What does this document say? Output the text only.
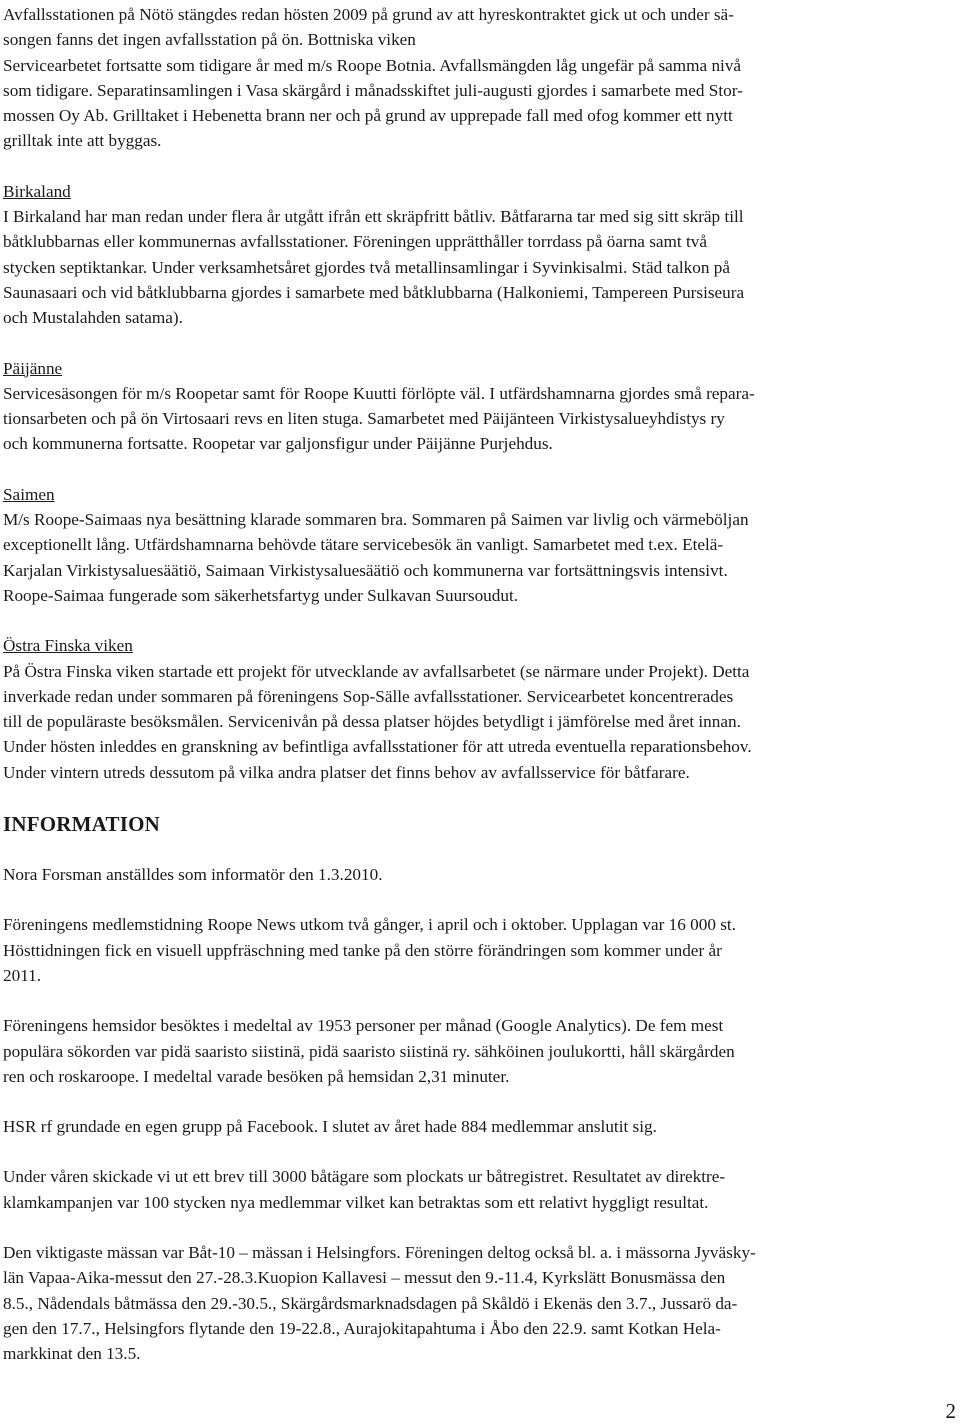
Avfallsstationen på Nötö stängdes redan hösten 2009 på grund av att hyreskontraktet gick ut och under sä-

songen fanns det ingen avfallsstation på ön. Bottniska viken

Servicearbetet fortsatte som tidigare år med m/s Roope Botnia. Avfallsmängden låg ungefär på samma nivå

som tidigare. Separatinsamlingen i Vasa skärgård i månadsskiftet juli-augusti gjordes i samarbete med Stor-

mossen Oy Ab. Grilltaket i Hebenetta brann ner och på grund av upprepade fall med ofog kommer ett nytt

grilltak inte att byggas.

Birkaland

I Birkaland har man redan under flera år utgått ifrån ett skräpfritt båtliv. Båtfararna tar med sig sitt skräp till

båtklubbarnas eller kommunernas avfallsstationer. Föreningen upprätthåller torrdass på öarna samt två

stycken septiktankar. Under verksamhetsåret gjordes två metallinsamlingar i Syvinkisalmi. Städ talkon på

Saunasaari och vid båtklubbarna gjordes i samarbete med båtklubbarna (Halkoniemi, Tampereen Pursiseura

och Mustalahden satama).

Päijänne

Servicesäsongen för m/s Roopetar samt för Roope Kuutti förlöpte väl. I utfärdshamnarna gjordes små repara-

tionsarbeten och på ön Virtosaari revs en liten stuga. Samarbetet med Päijänteen Virkistysalueyhdistys ry

och kommunerna fortsatte. Roopetar var galjonsfigur under Päijänne Purjehdus.

Saimen

M/s Roope-Saimaas nya besättning klarade sommaren bra. Sommaren på Saimen var livlig och värmeböljan

exceptionellt lång. Utfärdshamnarna behövde tätare servicebesök än vanligt. Samarbetet med t.ex. Etelä-

Karjalan Virkistysaluesäätiö, Saimaan Virkistysaluesäätiö och kommunerna var fortsättningsvis intensivt.

Roope-Saimaa fungerade som säkerhetsfartyg under Sulkavan Suursoudut.

Östra Finska viken

På Östra Finska viken startade ett projekt för utvecklande av avfallsarbetet (se närmare under Projekt). Detta

inverkade redan under sommaren på föreningens Sop-Sälle avfallsstationer. Servicearbetet koncentrerades

till de populäraste besöksmålen. Servicenivån på dessa platser höjdes betydligt i jämförelse med året innan.

Under hösten inleddes en granskning av befintliga avfallsstationer för att utreda eventuella reparationsbehov.

Under vintern utreds dessutom på vilka andra platser det finns behov av avfallsservice för båtfarare.

INFORMATION

Nora Forsman anställdes som informatör den 1.3.2010.

Föreningens medlemstidning Roope News utkom två gånger, i april och i oktober. Upplagan var 16 000 st.

Hösttidningen fick en visuell uppfräschning med tanke på den större förändringen som kommer under år

2011.

Föreningens hemsidor besöktes i medeltal av 1953 personer per månad (Google Analytics). De fem mest

populära sökorden var pidä saaristo siistinä, pidä saaristo siistinä ry. sähköinen joulukortti, håll skärgården

ren och roskaroope. I medeltal varade besöken på hemsidan 2,31 minuter.

HSR rf grundade en egen grupp på Facebook. I slutet av året hade 884 medlemmar anslutit sig.

Under våren skickade vi ut ett brev till 3000 båtägare som plockats ur båtregistret. Resultatet av direktre-

klamkampanjen var 100 stycken nya medlemmar vilket kan betraktas som ett relativt hyggligt resultat.

Den viktigaste mässan var Båt-10 – mässan i Helsingfors. Föreningen deltog också bl. a. i mässorna Jyväsky-

län Vapaa-Aika-messut den 27.-28.3.Kuopion Kallavesi – messut den 9.-11.4, Kyrkslätt Bonusmässa den

8.5., Nådendals båtmässa den 29.-30.5., Skärgårdsmarknadsdagen på Skåldö i Ekenäs den 3.7., Jussarö da-

gen den 17.7., Helsingfors flytande den 19-22.8., Aurajokitapahtuma i Åbo den 22.9. samt Kotkan Hela-

markkinat den 13.5.

2
